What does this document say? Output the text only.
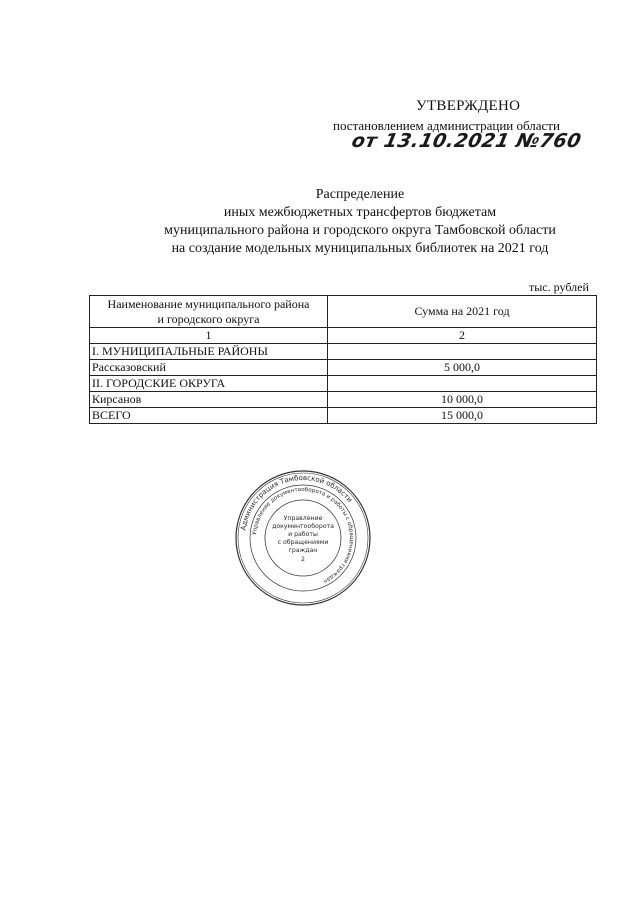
УТВЕРЖДЕНО
постановлением администрации области
от 13.10.2021 №760
Распределение
иных межбюджетных трансфертов бюджетам
муниципального района и городского округа Тамбовской области
на создание модельных муниципальных библиотек на 2021 год
тыс. рублей
Наименование муниципального района
и городского округа	Сумма на 2021 год
1	2
I. МУНИЦИПАЛЬНЫЕ РАЙОНЫ	
Рассказовский	5 000,0
II. ГОРОДСКИЕ ОКРУГА	
Кирсанов	10 000,0
ВСЕГО	15 000,0
Администрация Тамбовской области
Управление документооборота и работы с обращениями граждан
Управление
документооборота
и работы
с обращениями
граждан
2
